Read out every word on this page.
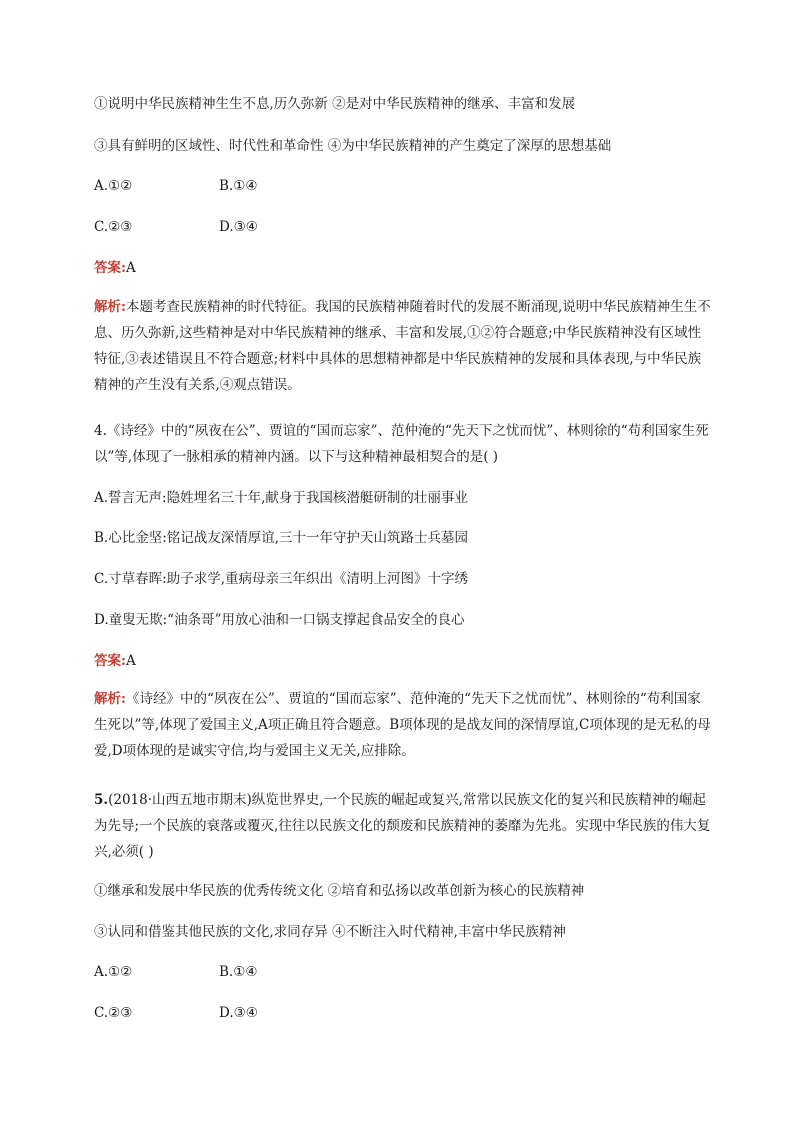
①说明中华民族精神生生不息,历久弥新 ②是对中华民族精神的继承、丰富和发展
③具有鲜明的区域性、时代性和革命性 ④为中华民族精神的产生奠定了深厚的思想基础
A.①②	B.①④
C.②③	D.③④
答案:A
解析:本题考查民族精神的时代特征。我国的民族精神随着时代的发展不断涌现,说明中华民族精神生生不息、历久弥新,这些精神是对中华民族精神的继承、丰富和发展,①②符合题意;中华民族精神没有区域性特征,③表述错误且不符合题意;材料中具体的思想精神都是中华民族精神的发展和具体表现,与中华民族精神的产生没有关系,④观点错误。
4.《诗经》中的“夙夜在公”、贾谊的“国而忘家”、范仲淹的“先天下之忧而忧”、林则徐的“苟利国家生死以”等,体现了一脉相承的精神内涵。以下与这种精神最相契合的是( )
A.誓言无声:隐姓埋名三十年,献身于我国核潜艇研制的壮丽事业
B.心比金坚:铭记战友深情厚谊,三十一年守护天山筑路士兵墓园
C.寸草春晖:助子求学,重病母亲三年织出《清明上河图》十字绣
D.童叟无欺:“油条哥”用放心油和一口锅支撑起食品安全的良心
答案:A
解析:《诗经》中的“夙夜在公”、贾谊的“国而忘家”、范仲淹的“先天下之忧而忧”、林则徐的“苟利国家生死以”等,体现了爱国主义,A项正确且符合题意。B项体现的是战友间的深情厚谊,C项体现的是无私的母爱,D项体现的是诚实守信,均与爱国主义无关,应排除。
5.(2018·山西五地市期末)纵览世界史,一个民族的崛起或复兴,常常以民族文化的复兴和民族精神的崛起为先导;一个民族的衰落或覆灭,往往以民族文化的颓废和民族精神的萎靡为先兆。实现中华民族的伟大复兴,必须( )
①继承和发展中华民族的优秀传统文化 ②培育和弘扬以改革创新为核心的民族精神
③认同和借鉴其他民族的文化,求同存异 ④不断注入时代精神,丰富中华民族精神
A.①②	B.①④
C.②③	D.③④
